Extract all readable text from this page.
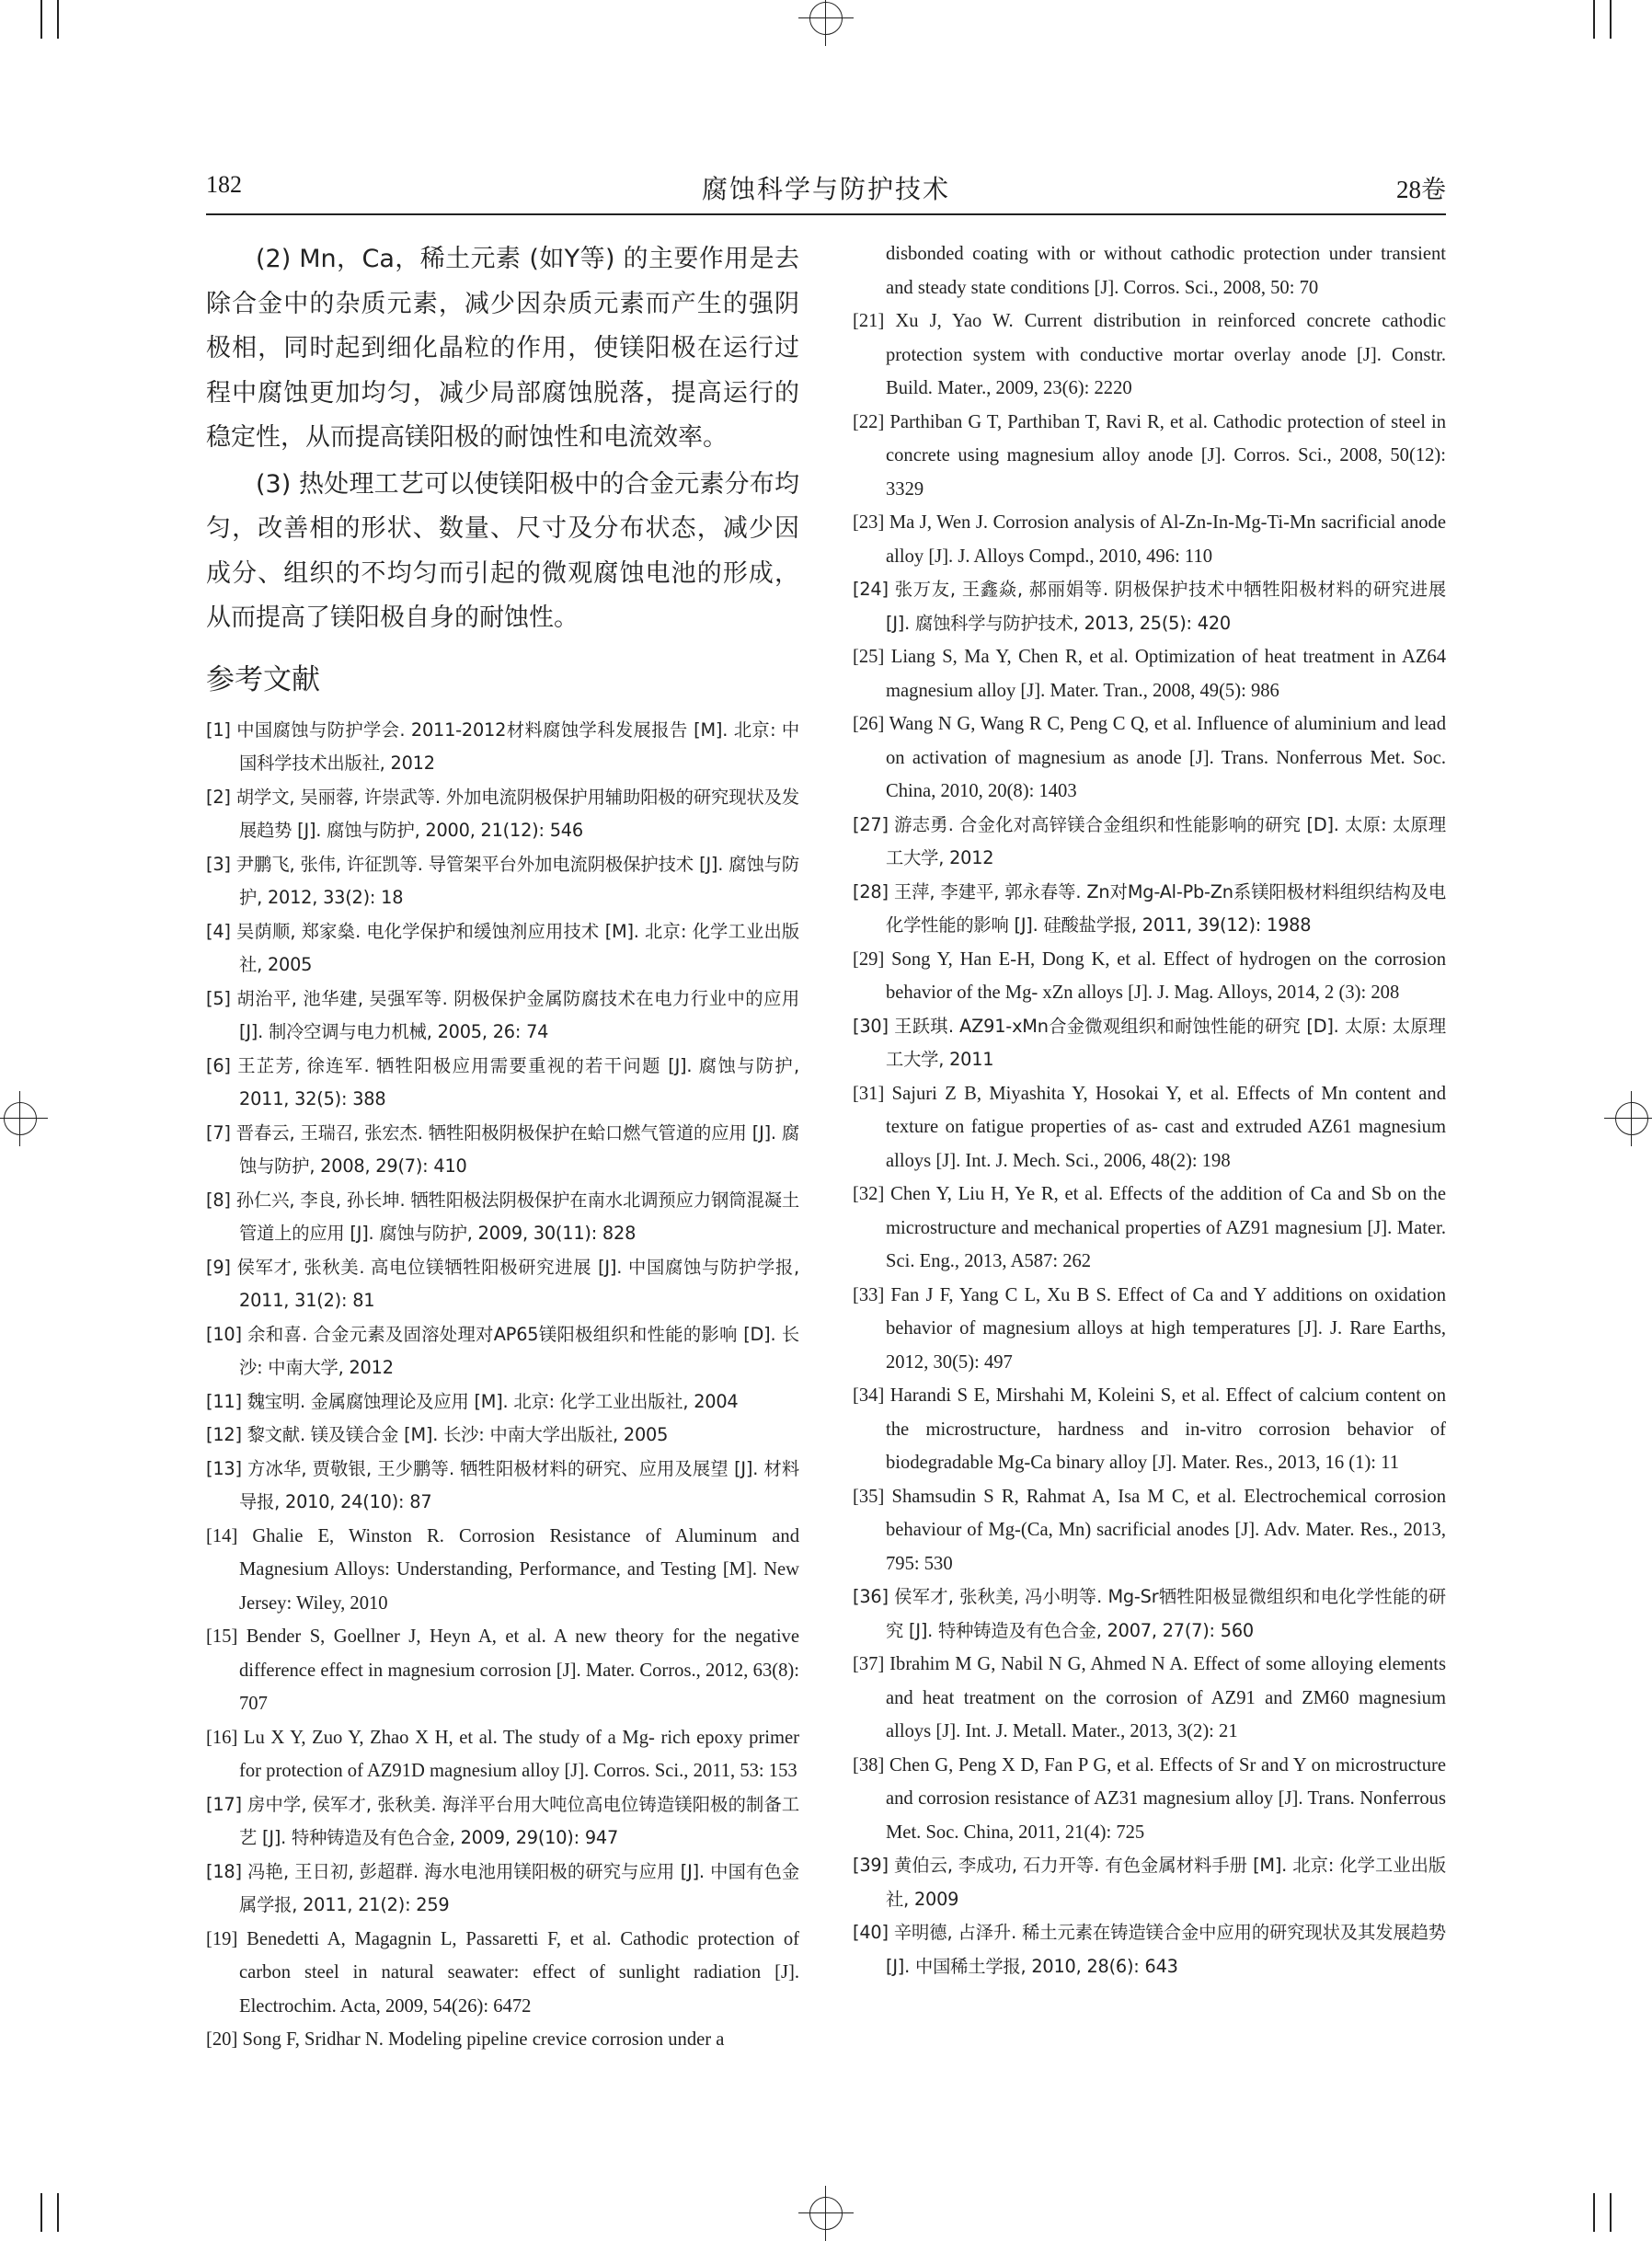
182	腐蚀科学与防护技术	28卷

(2) Mn，Ca，稀土元素 (如Y等) 的主要作用是去除合金中的杂质元素，减少因杂质元素而产生的强阴极相，同时起到细化晶粒的作用，使镁阳极在运行过程中腐蚀更加均匀，减少局部腐蚀脱落，提高运行的稳定性，从而提高镁阳极的耐蚀性和电流效率。

(3) 热处理工艺可以使镁阳极中的合金元素分布均匀，改善相的形状、数量、尺寸及分布状态，减少因成分、组织的不均匀而引起的微观腐蚀电池的形成，从而提高了镁阳极自身的耐蚀性。

参考文献
[1] 中国腐蚀与防护学会. 2011-2012材料腐蚀学科发展报告 [M]. 北京: 中国科学技术出版社, 2012
[2] 胡学文, 吴丽蓉, 许崇武等. 外加电流阴极保护用辅助阳极的研究现状及发展趋势 [J]. 腐蚀与防护, 2000, 21(12): 546
[3] 尹鹏飞, 张伟, 许征凯等. 导管架平台外加电流阴极保护技术 [J]. 腐蚀与防护, 2012, 33(2): 18
[4] 吴荫顺, 郑家燊. 电化学保护和缓蚀剂应用技术 [M]. 北京: 化学工业出版社, 2005
[5] 胡治平, 池华建, 吴强军等. 阴极保护金属防腐技术在电力行业中的应用 [J]. 制冷空调与电力机械, 2005, 26: 74
[6] 王芷芳, 徐连军. 牺牲阳极应用需要重视的若干问题 [J]. 腐蚀与防护, 2011, 32(5): 388
[7] 晋春云, 王瑞召, 张宏杰. 牺牲阳极阴极保护在蛤口燃气管道的应用 [J]. 腐蚀与防护, 2008, 29(7): 410
[8] 孙仁兴, 李良, 孙长坤. 牺牲阳极法阴极保护在南水北调预应力钢筒混凝土管道上的应用 [J]. 腐蚀与防护, 2009, 30(11): 828
[9] 侯军才, 张秋美. 高电位镁牺牲阳极研究进展 [J]. 中国腐蚀与防护学报, 2011, 31(2): 81
[10] 余和喜. 合金元素及固溶处理对AP65镁阳极组织和性能的影响 [D]. 长沙: 中南大学, 2012
[11] 魏宝明. 金属腐蚀理论及应用 [M]. 北京: 化学工业出版社, 2004
[12] 黎文献. 镁及镁合金 [M]. 长沙: 中南大学出版社, 2005
[13] 方冰华, 贾敬银, 王少鹏等. 牺牲阳极材料的研究、应用及展望 [J]. 材料导报, 2010, 24(10): 87
[14] Ghalie E, Winston R. Corrosion Resistance of Aluminum and Magnesium Alloys: Understanding, Performance, and Testing [M]. New Jersey: Wiley, 2010
[15] Bender S, Goellner J, Heyn A, et al. A new theory for the negative difference effect in magnesium corrosion [J]. Mater. Corros., 2012, 63(8): 707
[16] Lu X Y, Zuo Y, Zhao X H, et al. The study of a Mg- rich epoxy primer for protection of AZ91D magnesium alloy [J]. Corros. Sci., 2011, 53: 153
[17] 房中学, 侯军才, 张秋美. 海洋平台用大吨位高电位铸造镁阳极的制备工艺 [J]. 特种铸造及有色合金, 2009, 29(10): 947
[18] 冯艳, 王日初, 彭超群. 海水电池用镁阳极的研究与应用 [J]. 中国有色金属学报, 2011, 21(2): 259
[19] Benedetti A, Magagnin L, Passaretti F, et al. Cathodic protection of carbon steel in natural seawater: effect of sunlight radiation [J]. Electrochim. Acta, 2009, 54(26): 6472
[20] Song F, Sridhar N. Modeling pipeline crevice corrosion under a
disbonded coating with or without cathodic protection under transient and steady state conditions [J]. Corros. Sci., 2008, 50: 70
[21] Xu J, Yao W. Current distribution in reinforced concrete cathodic protection system with conductive mortar overlay anode [J]. Constr. Build. Mater., 2009, 23(6): 2220
[22] Parthiban G T, Parthiban T, Ravi R, et al. Cathodic protection of steel in concrete using magnesium alloy anode [J]. Corros. Sci., 2008, 50(12): 3329
[23] Ma J, Wen J. Corrosion analysis of Al-Zn-In-Mg-Ti-Mn sacrificial anode alloy [J]. J. Alloys Compd., 2010, 496: 110
[24] 张万友, 王鑫焱, 郝丽娟等. 阴极保护技术中牺牲阳极材料的研究进展 [J]. 腐蚀科学与防护技术, 2013, 25(5): 420
[25] Liang S, Ma Y, Chen R, et al. Optimization of heat treatment in AZ64 magnesium alloy [J]. Mater. Tran., 2008, 49(5): 986
[26] Wang N G, Wang R C, Peng C Q, et al. Influence of aluminium and lead on activation of magnesium as anode [J]. Trans. Nonferrous Met. Soc. China, 2010, 20(8): 1403
[27] 游志勇. 合金化对高锌镁合金组织和性能影响的研究 [D]. 太原: 太原理工大学, 2012
[28] 王萍, 李建平, 郭永春等. Zn对Mg-Al-Pb-Zn系镁阳极材料组织结构及电化学性能的影响 [J]. 硅酸盐学报, 2011, 39(12): 1988
[29] Song Y, Han E-H, Dong K, et al. Effect of hydrogen on the corrosion behavior of the Mg- xZn alloys [J]. J. Mag. Alloys, 2014, 2 (3): 208
[30] 王跃琪. AZ91-xMn合金微观组织和耐蚀性能的研究 [D]. 太原: 太原理工大学, 2011
[31] Sajuri Z B, Miyashita Y, Hosokai Y, et al. Effects of Mn content and texture on fatigue properties of as- cast and extruded AZ61 magnesium alloys [J]. Int. J. Mech. Sci., 2006, 48(2): 198
[32] Chen Y, Liu H, Ye R, et al. Effects of the addition of Ca and Sb on the microstructure and mechanical properties of AZ91 magnesium [J]. Mater. Sci. Eng., 2013, A587: 262
[33] Fan J F, Yang C L, Xu B S. Effect of Ca and Y additions on oxidation behavior of magnesium alloys at high temperatures [J]. J. Rare Earths, 2012, 30(5): 497
[34] Harandi S E, Mirshahi M, Koleini S, et al. Effect of calcium content on the microstructure, hardness and in-vitro corrosion behavior of biodegradable Mg-Ca binary alloy [J]. Mater. Res., 2013, 16 (1): 11
[35] Shamsudin S R, Rahmat A, Isa M C, et al. Electrochemical corrosion behaviour of Mg-(Ca, Mn) sacrificial anodes [J]. Adv. Mater. Res., 2013, 795: 530
[36] 侯军才, 张秋美, 冯小明等. Mg-Sr牺牲阳极显微组织和电化学性能的研究 [J]. 特种铸造及有色合金, 2007, 27(7): 560
[37] Ibrahim M G, Nabil N G, Ahmed N A. Effect of some alloying elements and heat treatment on the corrosion of AZ91 and ZM60 magnesium alloys [J]. Int. J. Metall. Mater., 2013, 3(2): 21
[38] Chen G, Peng X D, Fan P G, et al. Effects of Sr and Y on microstructure and corrosion resistance of AZ31 magnesium alloy [J]. Trans. Nonferrous Met. Soc. China, 2011, 21(4): 725
[39] 黄伯云, 李成功, 石力开等. 有色金属材料手册 [M]. 北京: 化学工业出版社, 2009
[40] 辛明德, 占泽升. 稀土元素在铸造镁合金中应用的研究现状及其发展趋势 [J]. 中国稀土学报, 2010, 28(6): 643
